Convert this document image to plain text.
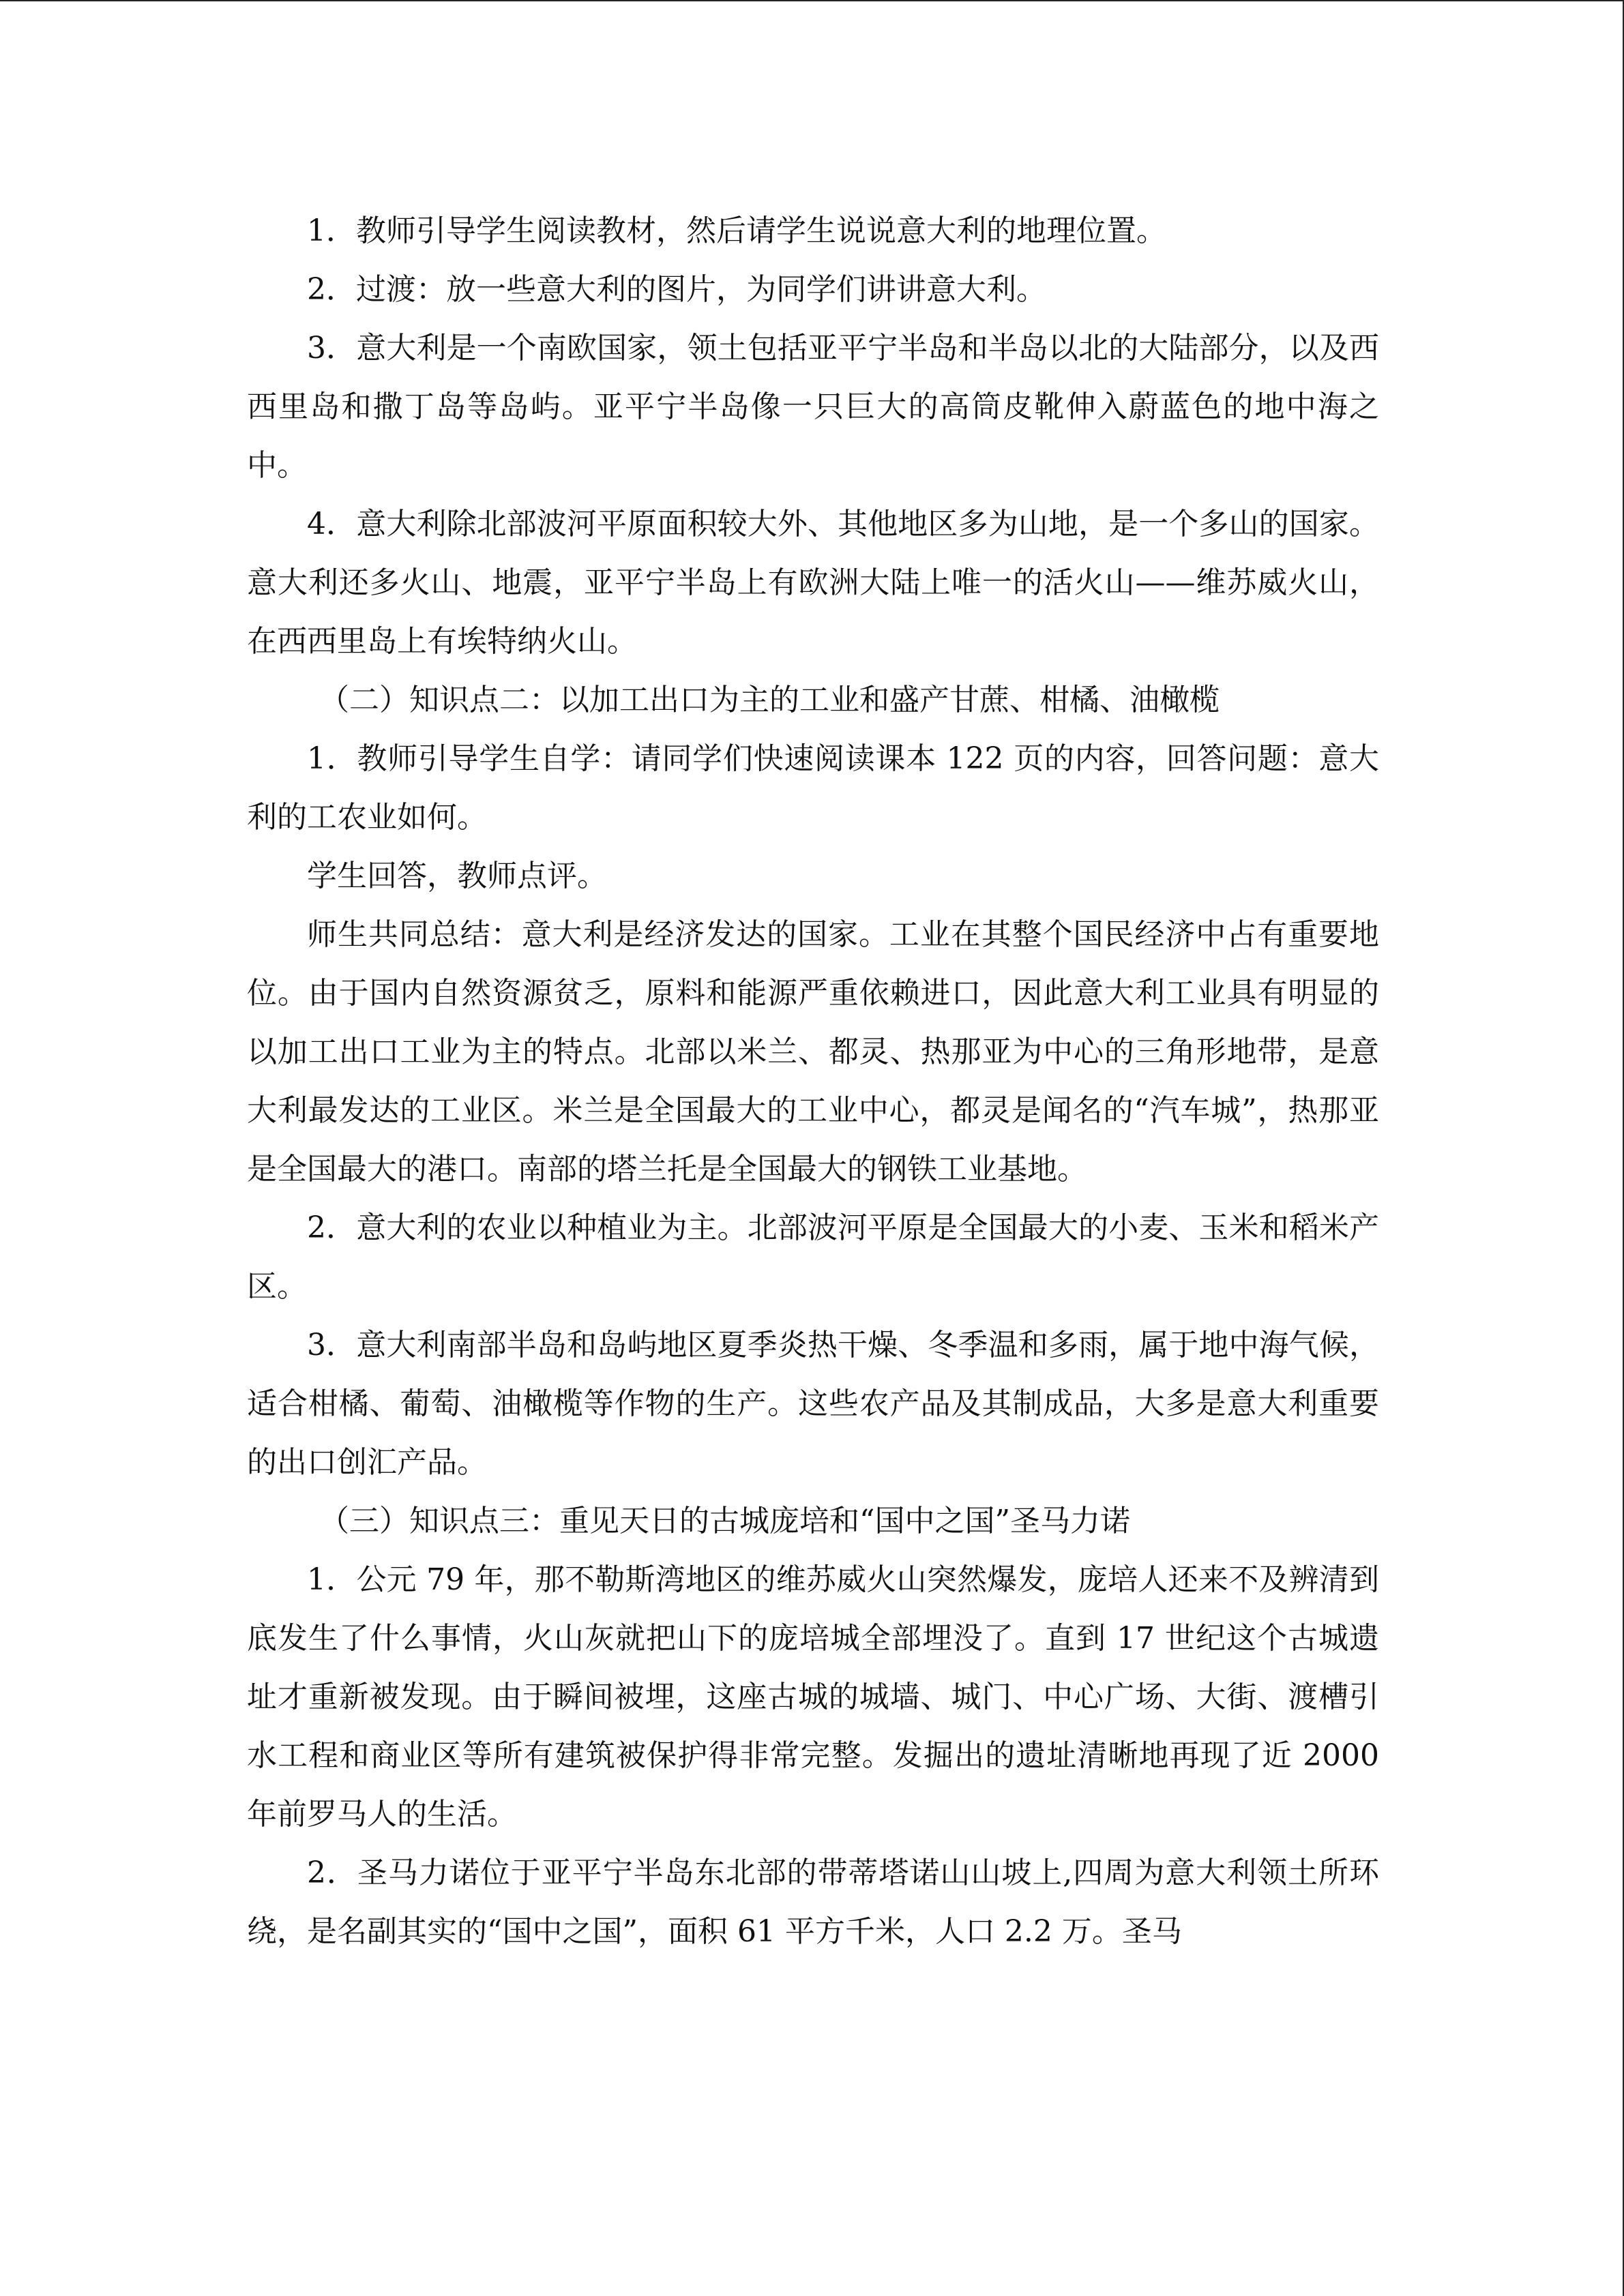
1．教师引导学生阅读教材，然后请学生说说意大利的地理位置。

2．过渡：放一些意大利的图片，为同学们讲讲意大利。

3．意大利是一个南欧国家，领土包括亚平宁半岛和半岛以北的大陆部分，以及西西里岛和撒丁岛等岛屿。亚平宁半岛像一只巨大的高筒皮靴伸入蔚蓝色的地中海之中。

4．意大利除北部波河平原面积较大外、其他地区多为山地，是一个多山的国家。意大利还多火山、地震，亚平宁半岛上有欧洲大陆上唯一的活火山——维苏威火山，在西西里岛上有埃特纳火山。

（二）知识点二：以加工出口为主的工业和盛产甘蔗、柑橘、油橄榄

1．教师引导学生自学：请同学们快速阅读课本 122 页的内容，回答问题：意大利的工农业如何。

学生回答，教师点评。

师生共同总结：意大利是经济发达的国家。工业在其整个国民经济中占有重要地位。由于国内自然资源贫乏，原料和能源严重依赖进口，因此意大利工业具有明显的以加工出口工业为主的特点。北部以米兰、都灵、热那亚为中心的三角形地带，是意大利最发达的工业区。米兰是全国最大的工业中心，都灵是闻名的“汽车城”，热那亚是全国最大的港口。南部的塔兰托是全国最大的钢铁工业基地。

2．意大利的农业以种植业为主。北部波河平原是全国最大的小麦、玉米和稻米产区。

3．意大利南部半岛和岛屿地区夏季炎热干燥、冬季温和多雨，属于地中海气候，适合柑橘、葡萄、油橄榄等作物的生产。这些农产品及其制成品，大多是意大利重要的出口创汇产品。

（三）知识点三：重见天日的古城庞培和“国中之国”圣马力诺

1．公元 79 年，那不勒斯湾地区的维苏威火山突然爆发，庞培人还来不及辨清到底发生了什么事情，火山灰就把山下的庞培城全部埋没了。直到 17 世纪这个古城遗址才重新被发现。由于瞬间被埋，这座古城的城墙、城门、中心广场、大街、渡槽引水工程和商业区等所有建筑被保护得非常完整。发掘出的遗址清晰地再现了近 2000 年前罗马人的生活。

2．圣马力诺位于亚平宁半岛东北部的带蒂塔诺山山坡上,四周为意大利领土所环绕，是名副其实的“国中之国”，面积 61 平方千米，人口 2.2 万。圣马
